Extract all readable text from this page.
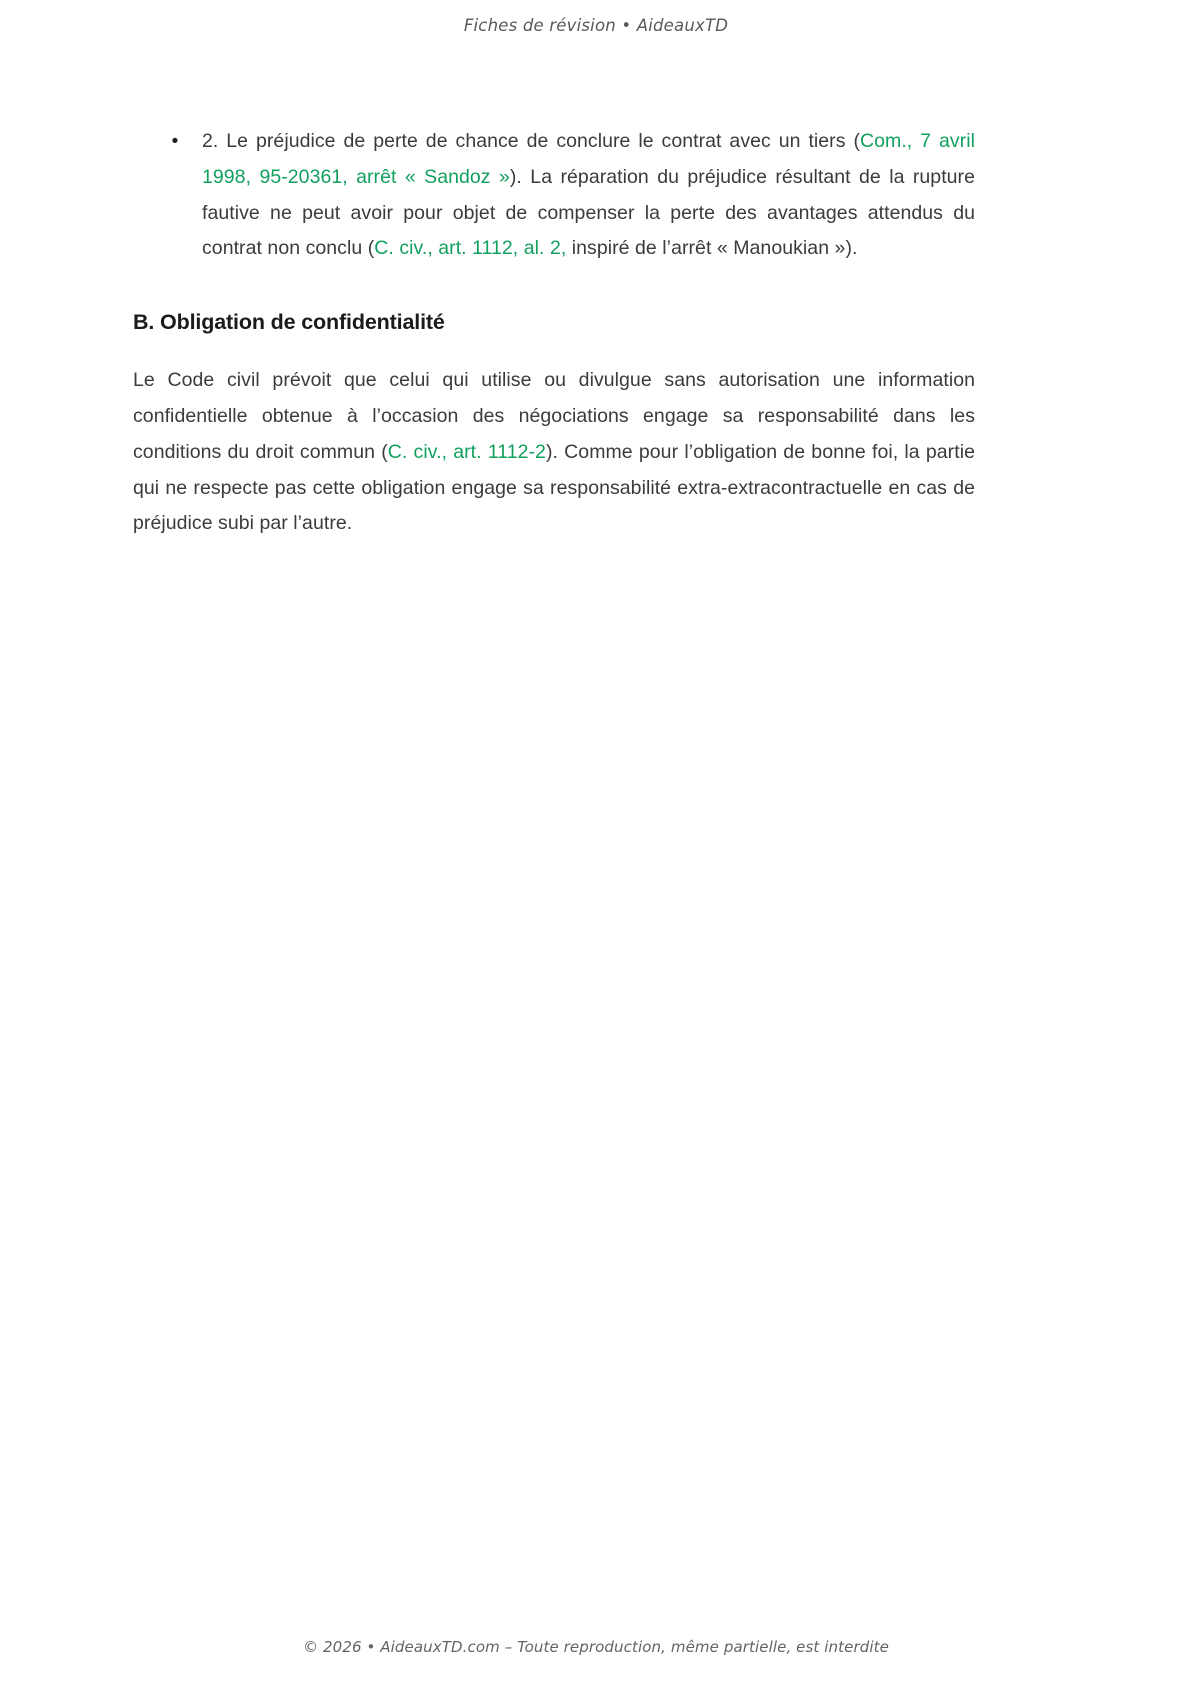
Fiches de révision • AideauxTD
• 2. Le préjudice de perte de chance de conclure le contrat avec un tiers (Com., 7 avril 1998, 95-20361, arrêt « Sandoz »). La réparation du préjudice résultant de la rupture fautive ne peut avoir pour objet de compenser la perte des avantages attendus du contrat non conclu (C. civ., art. 1112, al. 2, inspiré de l’arrêt « Manoukian »).

B. Obligation de confidentialité

Le Code civil prévoit que celui qui utilise ou divulgue sans autorisation une information confidentielle obtenue à l’occasion des négociations engage sa responsabilité dans les conditions du droit commun (C. civ., art. 1112-2). Comme pour l’obligation de bonne foi, la partie qui ne respecte pas cette obligation engage sa responsabilité extra-extracontractuelle en cas de préjudice subi par l’autre.

© 2026 • AideauxTD.com – Toute reproduction, même partielle, est interdite
